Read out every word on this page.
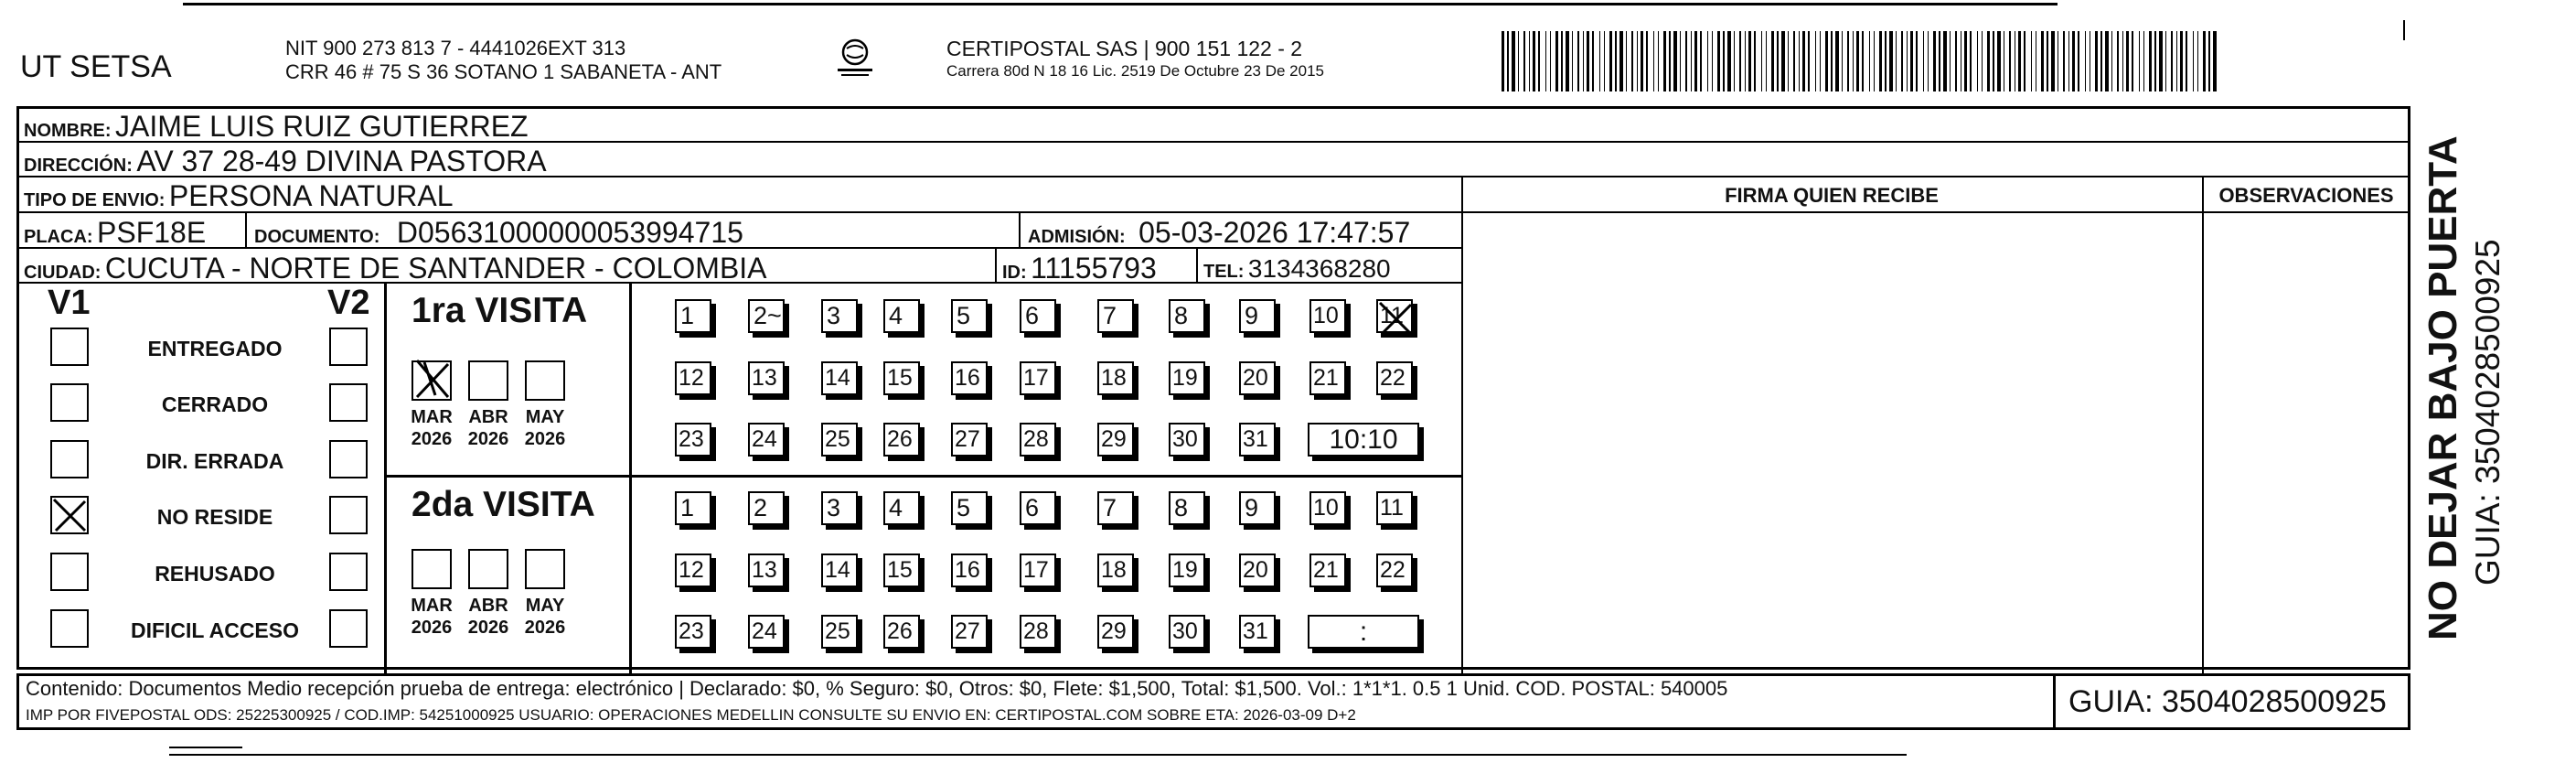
UT SETSA
NIT 900 273 813 7 - 4441026EXT 313
CRR 46 # 75 S 36 SOTANO 1 SABANETA - ANT
CERTIPOSTAL SAS | 900 151 122 - 2
Carrera 80d N 18 16 Lic. 2519 De Octubre 23 De 2015
NOMBRE: JAIME LUIS RUIZ GUTIERREZ
DIRECCIÓN: AV 37 28-49 DIVINA PASTORA
TIPO DE ENVIO: PERSONA NATURAL	FIRMA QUIEN RECIBE	OBSERVACIONES
PLACA: PSF18E	DOCUMENTO: D05631000000053994715	ADMISIÓN: 05-03-2026 17:47:57
CIUDAD: CUCUTA - NORTE DE SANTANDER - COLOMBIA	ID: 11155793	TEL: 3134368280
V1	V2
ENTREGADO
CERRADO
DIR. ERRADA
NO RESIDE
REHUSADO
DIFICIL ACCESO
1ra VISITA
2da VISITA
MAR
2026
ABR
2026
MAY
2026
MAR
2026
ABR
2026
MAY
2026
1	2~ 3	4	5	6	7	8	9	10	11
12	13	14	15	16	17	18	19	20	21	22
23	24	25	26	27	28	29	30	31	10:10
1	2	3	4	5	6	7	8	9	10	11
12	13	14	15	16	17	18	19	20	21	22
23	24	25	26	27	28	29	30	31	:	NO DEJAR BAJO PUERTA GUIA: 3504028500925
Contenido: Documentos Medio recepción prueba de entrega: electrónico | Declarado: $0, % Seguro: $0, Otros: $0, Flete: $1,500, Total: $1,500. Vol.: 1*1*1. 0.5 1 Unid. COD. POSTAL: 540005
IMP POR FIVEPOSTAL ODS: 25225300925 / COD.IMP: 54251000925 USUARIO: OPERACIONES MEDELLIN CONSULTE SU ENVIO EN: CERTIPOSTAL.COM SOBRE ETA: 2026-03-09 D+2	GUIA: 3504028500925
